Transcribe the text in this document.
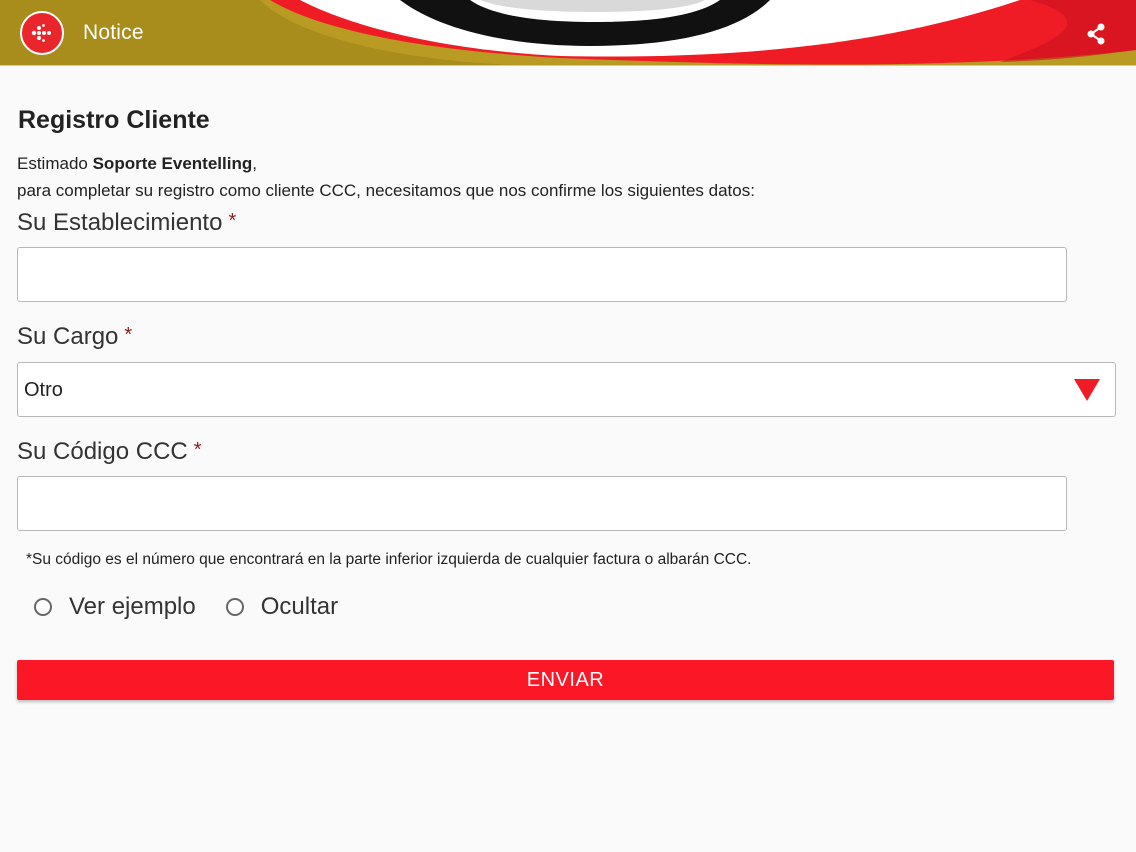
Notice
Registro Cliente
Estimado Soporte Eventelling,
para completar su registro como cliente CCC, necesitamos que nos confirme los siguientes datos:
Su Establecimiento *
Su Cargo *
Otro
Su Código CCC *
*Su código es el número que encontrará en la parte inferior izquierda de cualquier factura o albarán CCC.
Ver ejemplo	Ocultar
ENVIAR
